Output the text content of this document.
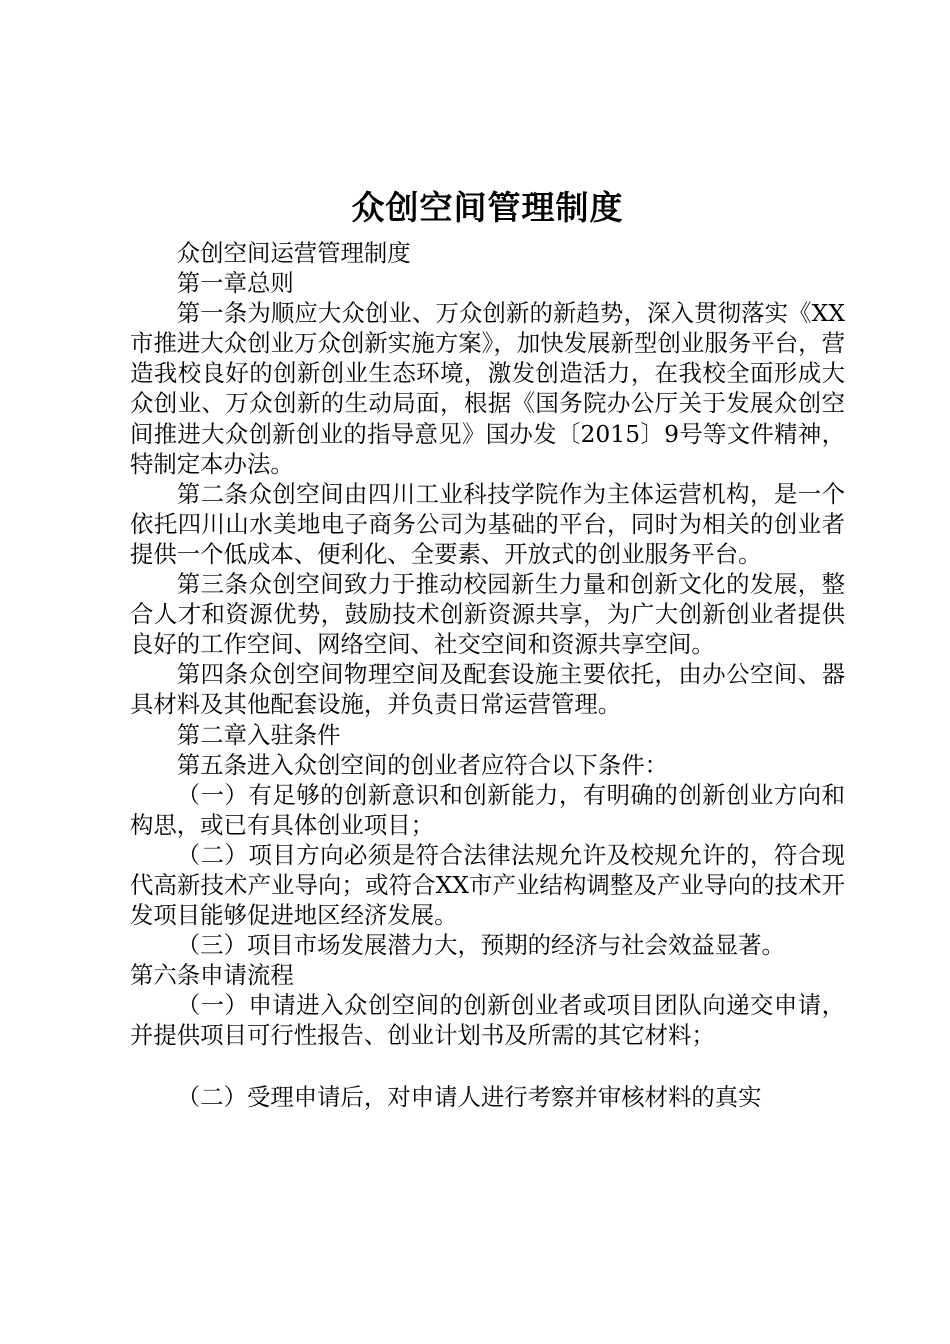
众创空间管理制度

众创空间运营管理制度

第一章总则

第一条为顺应大众创业、万众创新的新趋势，深入贯彻落实《XX市推进大众创业万众创新实施方案》，加快发展新型创业服务平台，营造我校良好的创新创业生态环境，激发创造活力，在我校全面形成大众创业、万众创新的生动局面，根据《国务院办公厅关于发展众创空间推进大众创新创业的指导意见》国办发〔2015〕9号等文件精神，特制定本办法。

第二条众创空间由四川工业科技学院作为主体运营机构，是一个依托四川山水美地电子商务公司为基础的平台，同时为相关的创业者提供一个低成本、便利化、全要素、开放式的创业服务平台。

第三条众创空间致力于推动校园新生力量和创新文化的发展，整合人才和资源优势，鼓励技术创新资源共享，为广大创新创业者提供良好的工作空间、网络空间、社交空间和资源共享空间。

第四条众创空间物理空间及配套设施主要依托，由办公空间、器具材料及其他配套设施，并负责日常运营管理。

第二章入驻条件

第五条进入众创空间的创业者应符合以下条件：

（一）有足够的创新意识和创新能力，有明确的创新创业方向和构思，或已有具体创业项目；

（二）项目方向必须是符合法律法规允许及校规允许的，符合现代高新技术产业导向；或符合XX市产业结构调整及产业导向的技术开发项目能够促进地区经济发展。

（三）项目市场发展潜力大，预期的经济与社会效益显著。

第六条申请流程

（一）申请进入众创空间的创新创业者或项目团队向递交申请，并提供项目可行性报告、创业计划书及所需的其它材料；

（二）受理申请后，对申请人进行考察并审核材料的真实
